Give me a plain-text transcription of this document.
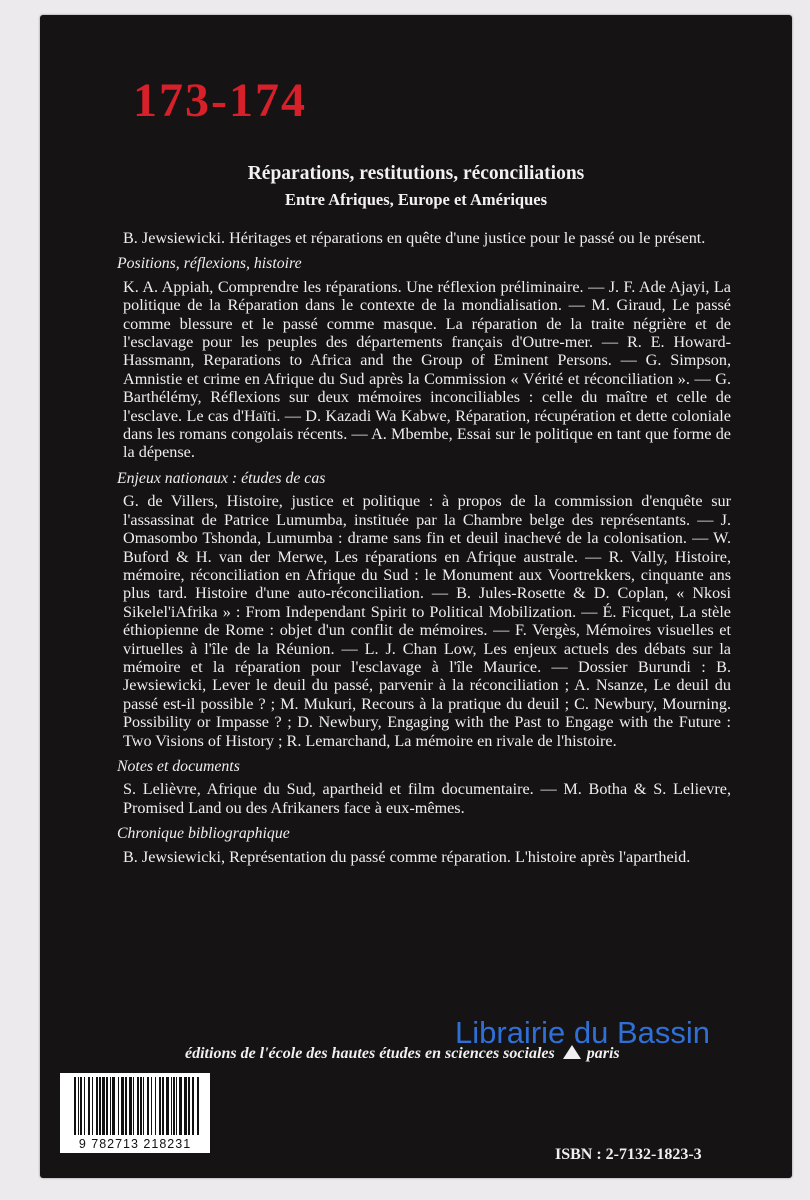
173-174
Réparations, restitutions, réconciliations
Entre Afriques, Europe et Amériques

B. Jewsiewicki. Héritages et réparations en quête d'une justice pour le passé ou le présent.

Positions, réflexions, histoire

K. A. Appiah, Comprendre les réparations. Une réflexion préliminaire. — J. F. Ade Ajayi, La politique de la Réparation dans le contexte de la mondialisation. — M. Giraud, Le passé comme blessure et le passé comme masque. La réparation de la traite négrière et de l'esclavage pour les peuples des départements français d'Outre-mer. — R. E. Howard-Hassmann, Reparations to Africa and the Group of Eminent Persons. — G. Simpson, Amnistie et crime en Afrique du Sud après la Commission « Vérité et réconciliation ». — G. Barthélémy, Réflexions sur deux mémoires inconciliables : celle du maître et celle de l'esclave. Le cas d'Haïti. — D. Kazadi Wa Kabwe, Réparation, récupération et dette coloniale dans les romans congolais récents. — A. Mbembe, Essai sur le politique en tant que forme de la dépense.

Enjeux nationaux : études de cas

G. de Villers, Histoire, justice et politique : à propos de la commission d'enquête sur l'assassinat de Patrice Lumumba, instituée par la Chambre belge des représentants. — J. Omasombo Tshonda, Lumumba : drame sans fin et deuil inachevé de la colonisation. — W. Buford & H. van der Merwe, Les réparations en Afrique australe. — R. Vally, Histoire, mémoire, réconciliation en Afrique du Sud : le Monument aux Voortrekkers, cinquante ans plus tard. Histoire d'une auto-réconciliation. — B. Jules-Rosette & D. Coplan, « Nkosi Sikelel'iAfrika » : From Independant Spirit to Political Mobilization. — É. Ficquet, La stèle éthiopienne de Rome : objet d'un conflit de mémoires. — F. Vergès, Mémoires visuelles et virtuelles à l'île de la Réunion. — L. J. Chan Low, Les enjeux actuels des débats sur la mémoire et la réparation pour l'esclavage à l'île Maurice. — Dossier Burundi : B. Jewsiewicki, Lever le deuil du passé, parvenir à la réconciliation ; A. Nsanze, Le deuil du passé est-il possible ? ; M. Mukuri, Recours à la pratique du deuil ; C. Newbury, Mourning. Possibility or Impasse ? ; D. Newbury, Engaging with the Past to Engage with the Future : Two Visions of History ; R. Lemarchand, La mémoire en rivale de l'histoire.

Notes et documents

S. Lelièvre, Afrique du Sud, apartheid et film documentaire. — M. Botha & S. Lelievre, Promised Land ou des Afrikaners face à eux-mêmes.

Chronique bibliographique

B. Jewsiewicki, Représentation du passé comme réparation. L'histoire après l'apartheid.

Librairie du Bassin
éditions de l'école des hautes études en sciences sociales paris
ISBN : 2-7132-1823-3
9 782713 218231
